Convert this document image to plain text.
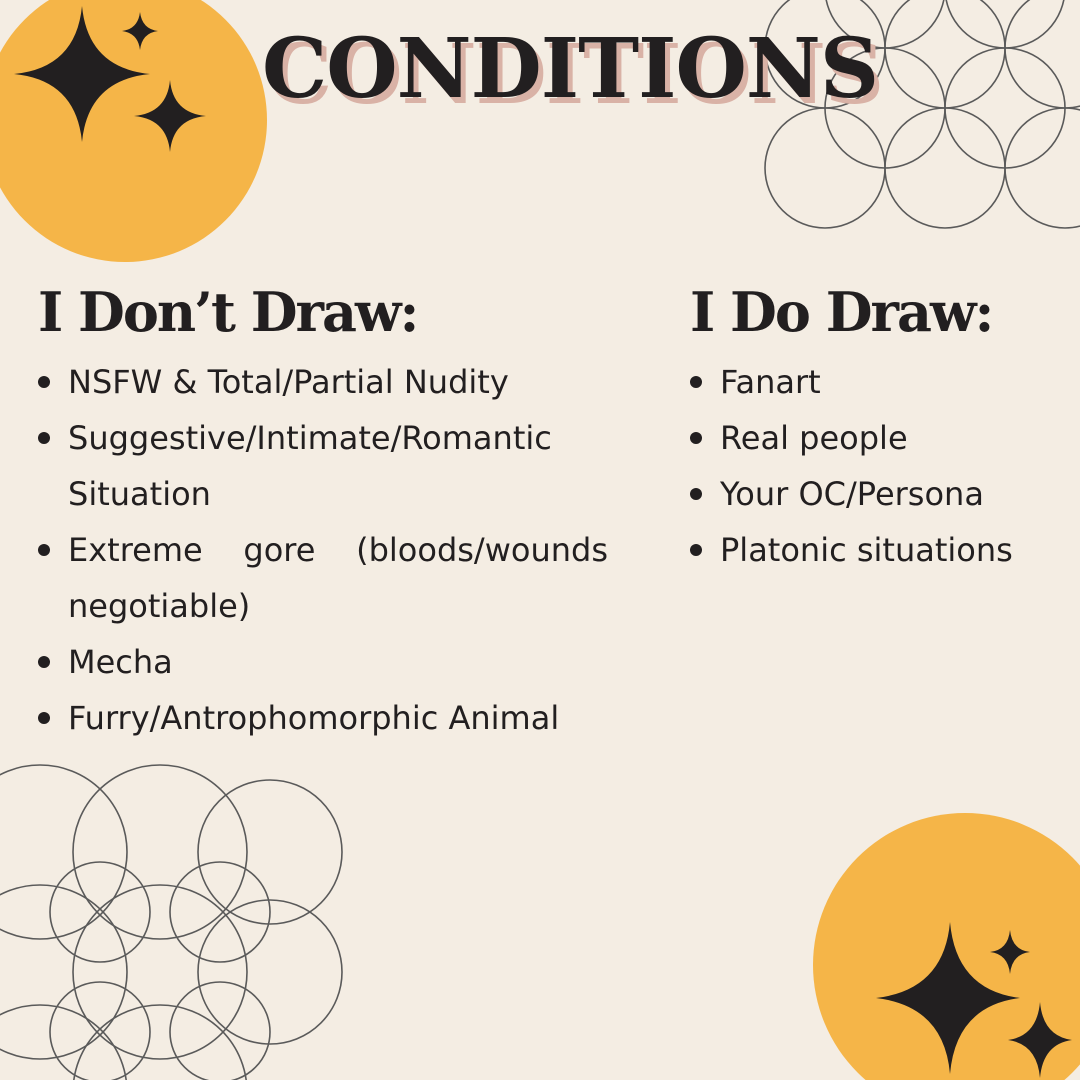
CONDITIONS
I Don’t Draw:
NSFW & Total/Partial Nudity
Suggestive/Intimate/Romantic Situation
Extreme gore (bloods/wounds negotiable)
Mecha
Furry/Antrophomorphic Animal
I Do Draw:
Fanart
Real people
Your OC/Persona
Platonic situations
